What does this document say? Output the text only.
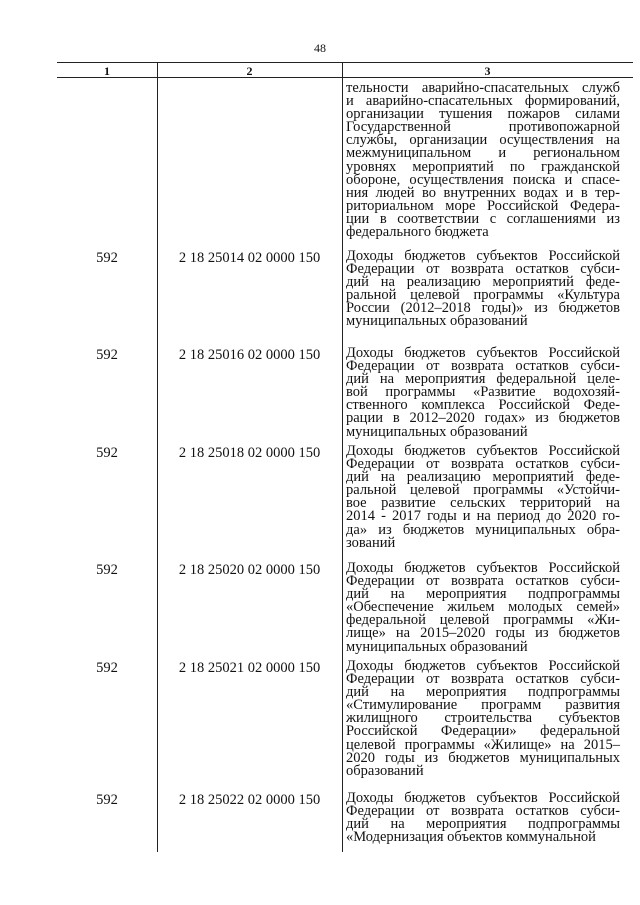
48
1	2	3
тельности аварийно-спасательных служб
и аварийно-спасательных формирований,
организации тушения пожаров силами
Государственной противопожарной
службы, организации осуществления на
межмуниципальном и региональном
уровнях мероприятий по гражданской
обороне, осуществления поиска и спасе-
ния людей во внутренних водах и в тер-
риториальном море Российской Федера-
ции в соответствии с соглашениями из
федерального бюджета
592	2 18 25014 02 0000 150	Доходы бюджетов субъектов Российской
Федерации от возврата остатков субси-
дий на реализацию мероприятий феде-
ральной целевой программы «Культура
России (2012–2018 годы)» из бюджетов
муниципальных образований
592	2 18 25016 02 0000 150	Доходы бюджетов субъектов Российской
Федерации от возврата остатков субси-
дий на мероприятия федеральной целе-
вой программы «Развитие водохозяй-
ственного комплекса Российской Феде-
рации в 2012–2020 годах» из бюджетов
муниципальных образований
592	2 18 25018 02 0000 150	Доходы бюджетов субъектов Российской
Федерации от возврата остатков субси-
дий на реализацию мероприятий феде-
ральной целевой программы «Устойчи-
вое развитие сельских территорий на
2014 - 2017 годы и на период до 2020 го-
да» из бюджетов муниципальных обра-
зований
592	2 18 25020 02 0000 150	Доходы бюджетов субъектов Российской
Федерации от возврата остатков субси-
дий на мероприятия подпрограммы
«Обеспечение жильем молодых семей»
федеральной целевой программы «Жи-
лище» на 2015–2020 годы из бюджетов
муниципальных образований
592	2 18 25021 02 0000 150	Доходы бюджетов субъектов Российской
Федерации от возврата остатков субси-
дий на мероприятия подпрограммы
«Стимулирование программ развития
жилищного строительства субъектов
Российской Федерации» федеральной
целевой программы «Жилище» на 2015–
2020 годы из бюджетов муниципальных
образований
592	2 18 25022 02 0000 150	Доходы бюджетов субъектов Российской
Федерации от возврата остатков субси-
дий на мероприятия подпрограммы
«Модернизация объектов коммунальной
